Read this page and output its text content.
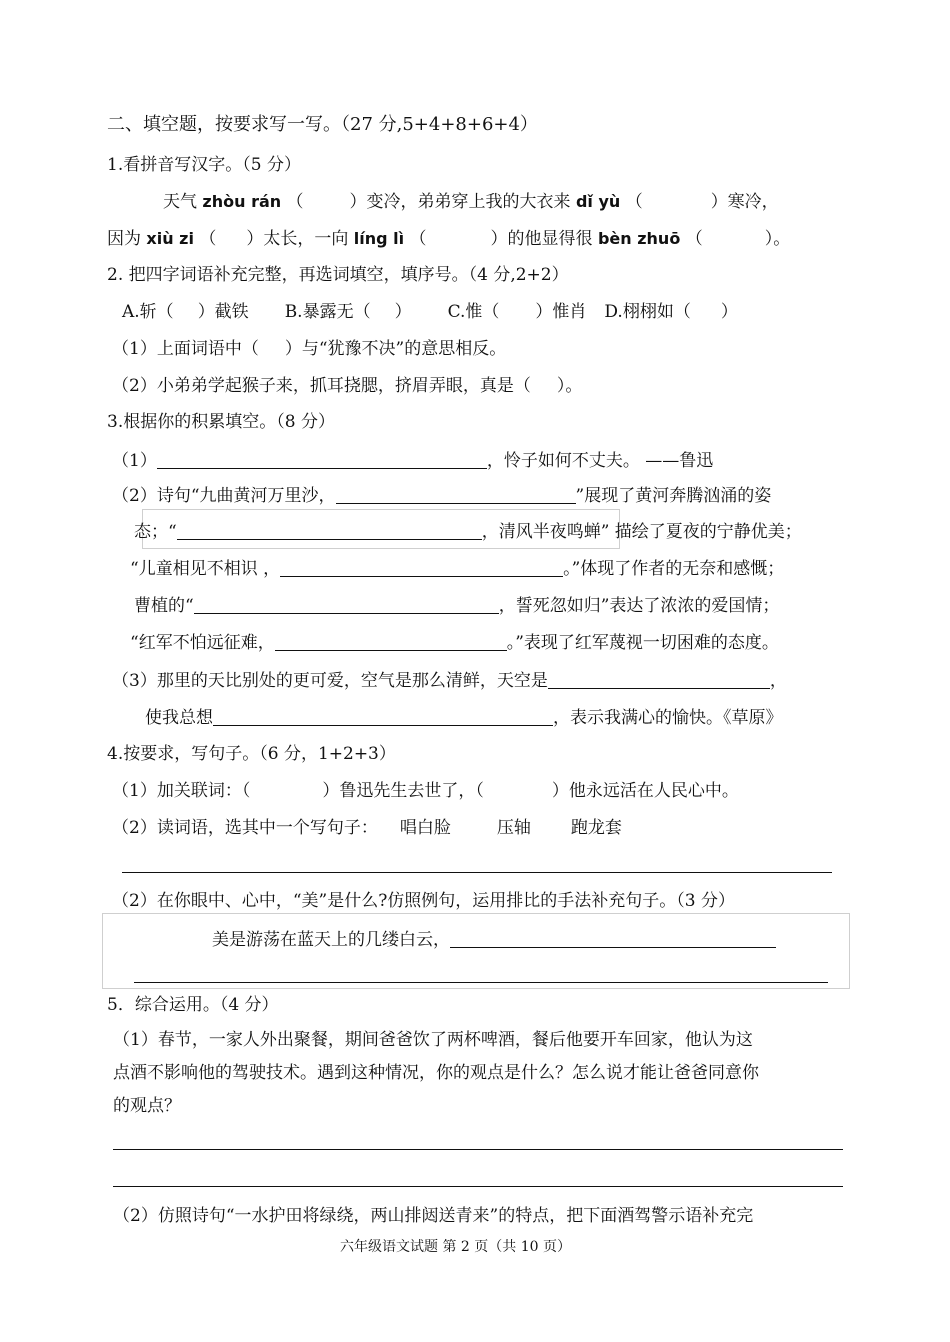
二、填空题，按要求写一写。（27 分,5+4+8+6+4）
1.看拼音写汉字。（5 分）
天气 zhòu rán （	）变冷，弟弟穿上我的大衣来 dǐ yù （	）寒冷，
因为 xiù zi （ ）太长，一向 líng lì （	）的他显得很 bèn zhuō （	）。
2. 把四字词语补充完整，再选词填空，填序号。（4 分,2+2）
A.斩（ ）截铁 B.暴露无（ ） C.惟（ ）惟肖 D.栩栩如（ ）
（1）上面词语中（ ）与“犹豫不决”的意思相反。
（2）小弟弟学起猴子来，抓耳挠腮，挤眉弄眼，真是（ ）。
3.根据你的积累填空。（8 分）
（1）	，怜子如何不丈夫。 ——鲁迅
（2）诗句“九曲黄河万里沙，	”展现了黄河奔腾汹涌的姿
态；“	，清风半夜鸣蝉” 描绘了夏夜的宁静优美；
“儿童相见不相识 ，	。”体现了作者的无奈和感慨；
曹植的“	，誓死忽如归”表达了浓浓的爱国情；
“红军不怕远征难，	。”表现了红军蔑视一切困难的态度。
（3）那里的天比别处的更可爱，空气是那么清鲜，天空是	，
使我总想	，表示我满心的愉快。《草原》
4.按要求，写句子。（6 分，1+2+3）
（1）加关联词：（	）鲁迅先生去世了，（	）他永远活在人民心中。
（2）读词语，选其中一个写句子： 唱白脸	压轴 跑龙套
（2）在你眼中、心中，“美”是什么?仿照例句，运用排比的手法补充句子。（3 分）
美是游荡在蓝天上的几缕白云，
5．综合运用。（4 分）
（1）春节，一家人外出聚餐，期间爸爸饮了两杯啤酒，餐后他要开车回家，他认为这
点酒不影响他的驾驶技术。遇到这种情况，你的观点是什么？怎么说才能让爸爸同意你
的观点？
（2）仿照诗句“一水护田将绿绕，两山排闼送青来”的特点，把下面酒驾警示语补充完
六年级语文试题 第 2 页（共 10 页）
